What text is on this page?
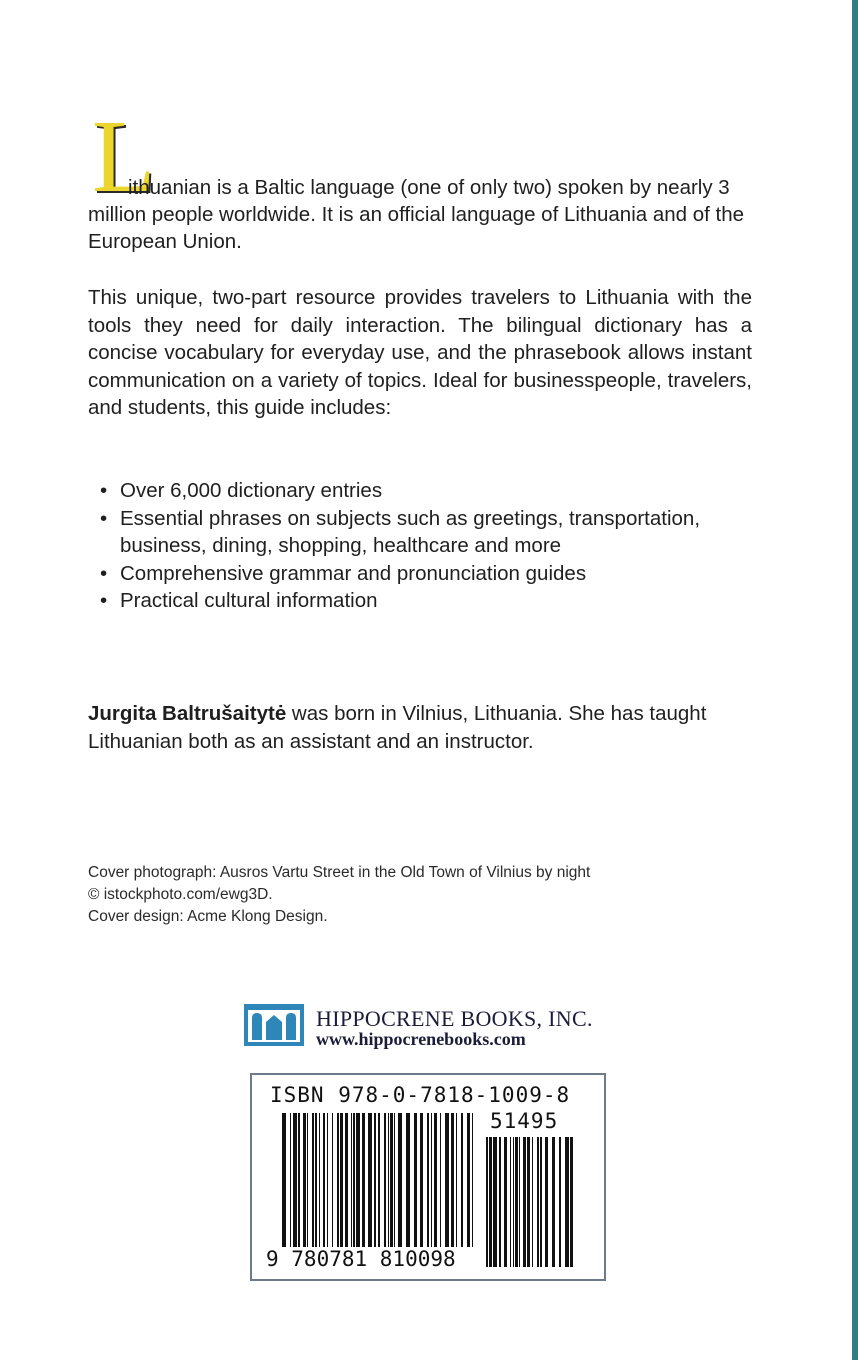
L

ithuanian is a Baltic language (one of only two) spoken by nearly 3 million people worldwide. It is an official language of Lithuania and of the European Union.

This unique, two-part resource provides travelers to Lithuania with the tools they need for daily interaction. The bilingual dictionary has a concise vocabulary for everyday use, and the phrasebook allows instant communication on a variety of topics. Ideal for businesspeople, travelers, and students, this guide includes:

• Over 6,000 dictionary entries
• Essential phrases on subjects such as greetings, transportation, business, dining, shopping, healthcare and more
• Comprehensive grammar and pronunciation guides
• Practical cultural information

Jurgita Baltrušaitytė was born in Vilnius, Lithuania. She has taught Lithuanian both as an assistant and an instructor.

Cover photograph: Ausros Vartu Street in the Old Town of Vilnius by night
© istockphoto.com/ewg3D.
Cover design: Acme Klong Design.

HIPPOCRENE BOOKS, INC.
www.hippocrenebooks.com
ISBN 978-0-7818-1009-8
51495
9 780781 810098
